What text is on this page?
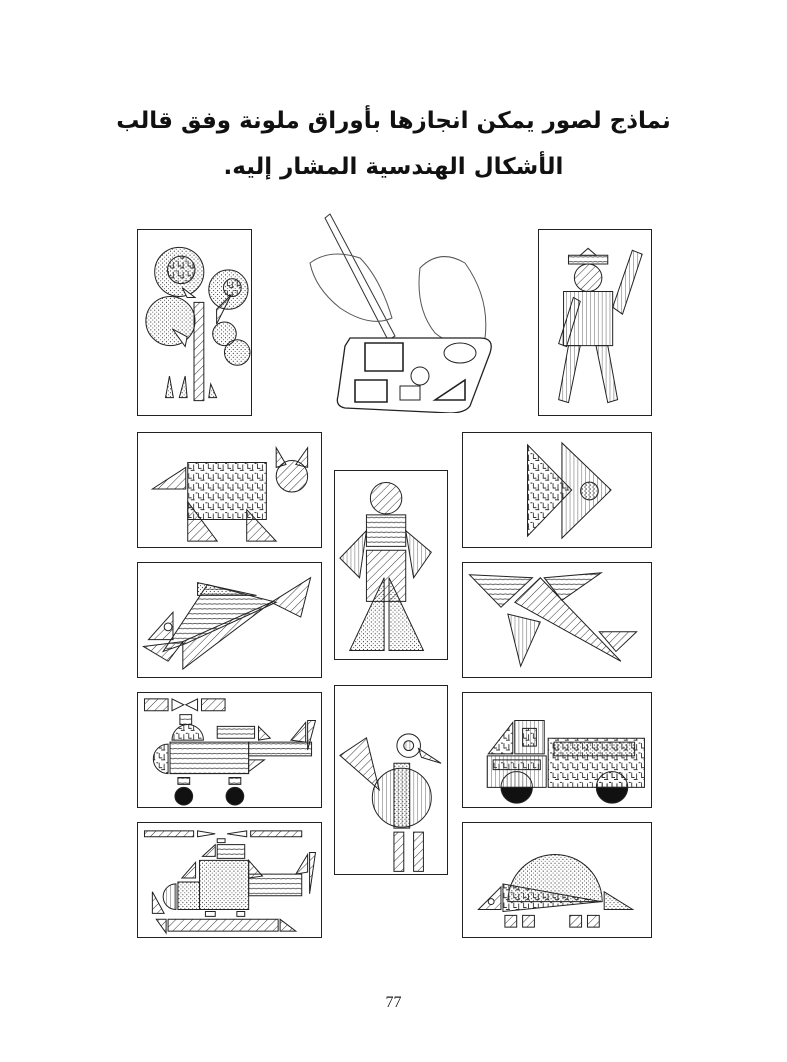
نماذج لصور يمكن انجازها بأوراق ملونة وفق قالب
الأشكال الهندسية المشار إليه.
77
